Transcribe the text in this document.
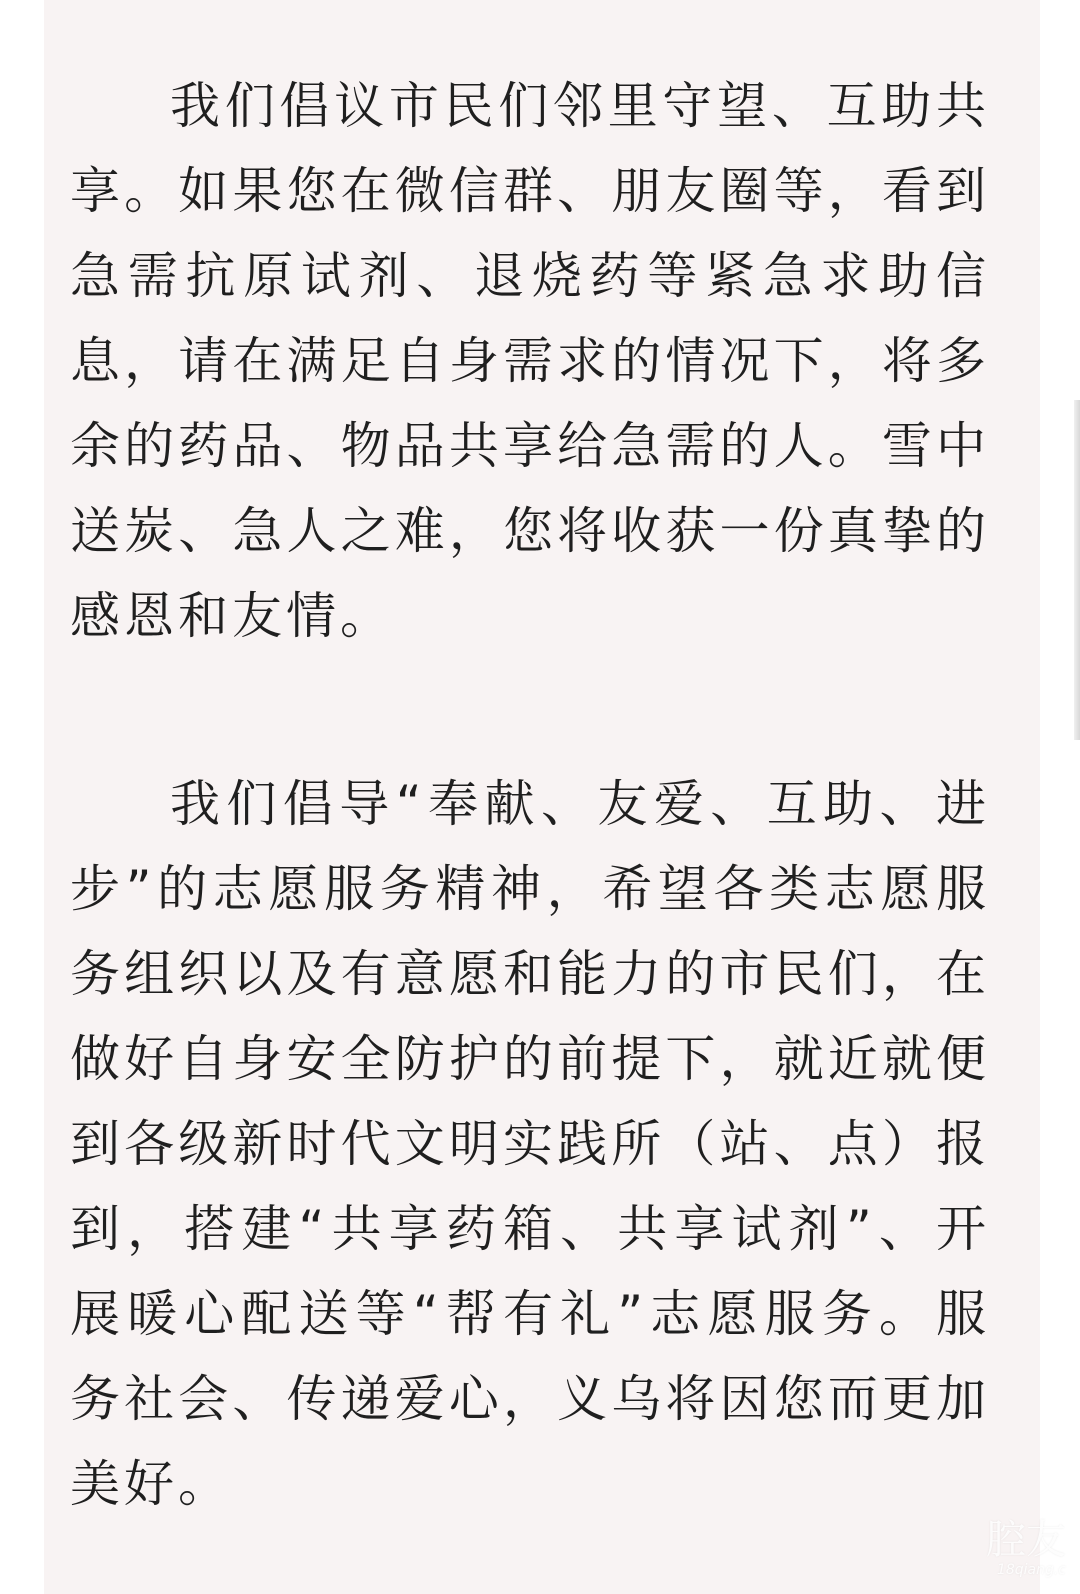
我们倡议市民们邻里守望、互助共享。如果您在微信群、朋友圈等，看到急需抗原试剂、退烧药等紧急求助信息，请在满足自身需求的情况下，将多余的药品、物品共享给急需的人。雪中送炭、急人之难，您将收获一份真挚的感恩和友情。

我们倡导“奉献、友爱、互助、进步”的志愿服务精神，希望各类志愿服务组织以及有意愿和能力的市民们，在做好自身安全防护的前提下，就近就便到各级新时代文明实践所（站、点）报到，搭建“共享药箱、共享试剂”、开展暖心配送等“帮有礼”志愿服务。服务社会、传递爱心，义乌将因您而更加美好。

腔友
18qiang.c
